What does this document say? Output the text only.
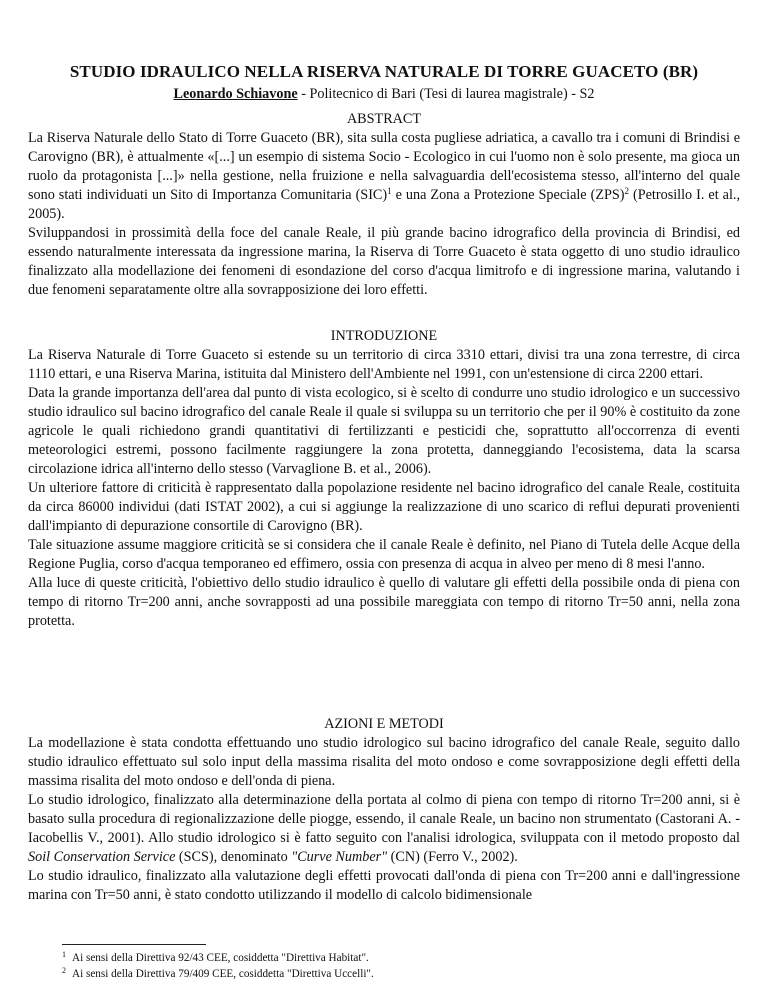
STUDIO IDRAULICO NELLA RISERVA NATURALE DI TORRE GUACETO (BR)
Leonardo Schiavone - Politecnico di Bari (Tesi di laurea magistrale) - S2

ABSTRACT

La Riserva Naturale dello Stato di Torre Guaceto (BR), sita sulla costa pugliese adriatica, a cavallo tra i comuni di Brindisi e Carovigno (BR), è attualmente «[...] un esempio di sistema Socio - Ecologico in cui l'uomo non è solo presente, ma gioca un ruolo da protagonista [...]» nella gestione, nella fruizione e nella salvaguardia dell'ecosistema stesso, all'interno del quale sono stati individuati un Sito di Importanza Comunitaria (SIC)$^1$ e una Zona a Protezione Speciale (ZPS)$^2$ (Petrosillo I. et al., 2005).

Sviluppandosi in prossimità della foce del canale Reale, il più grande bacino idrografico della provincia di Brindisi, ed essendo naturalmente interessata da ingressione marina, la Riserva di Torre Guaceto è stata oggetto di uno studio idraulico finalizzato alla modellazione dei fenomeni di esondazione del corso d'acqua limitrofo e di ingressione marina, valutando i due fenomeni separatamente oltre alla sovrapposizione dei loro effetti.

INTRODUZIONE

La Riserva Naturale di Torre Guaceto si estende su un territorio di circa 3310 ettari, divisi tra una zona terrestre, di circa 1110 ettari, e una Riserva Marina, istituita dal Ministero dell'Ambiente nel 1991, con un'estensione di circa 2200 ettari.

Data la grande importanza dell'area dal punto di vista ecologico, si è scelto di condurre uno studio idrologico e un successivo studio idraulico sul bacino idrografico del canale Reale il quale si sviluppa su un territorio che per il 90% è costituito da zone agricole le quali richiedono grandi quantitativi di fertilizzanti e pesticidi che, soprattutto all'occorrenza di eventi meteorologici estremi, possono facilmente raggiungere la zona protetta, danneggiando l'ecosistema, data la scarsa circolazione idrica all'interno dello stesso (Varvaglione B. et al., 2006).

Un ulteriore fattore di criticità è rappresentato dalla popolazione residente nel bacino idrografico del canale Reale, costituita da circa 86000 individui (dati ISTAT 2002), a cui si aggiunge la realizzazione di uno scarico di reflui depurati provenienti dall'impianto di depurazione consortile di Carovigno (BR).

Tale situazione assume maggiore criticità se si considera che il canale Reale è definito, nel Piano di Tutela delle Acque della Regione Puglia, corso d'acqua temporaneo ed effimero, ossia con presenza di acqua in alveo per meno di 8 mesi l'anno.

Alla luce di queste criticità, l'obiettivo dello studio idraulico è quello di valutare gli effetti della possibile onda di piena con tempo di ritorno Tr=200 anni, anche sovrapposti ad una possibile mareggiata con tempo di ritorno Tr=50 anni, nella zona protetta.

AZIONI E METODI

La modellazione è stata condotta effettuando uno studio idrologico sul bacino idrografico del canale Reale, seguito dallo studio idraulico effettuato sul solo input della massima risalita del moto ondoso e come sovrapposizione degli effetti della massima risalita del moto ondoso e dell'onda di piena.

Lo studio idrologico, finalizzato alla determinazione della portata al colmo di piena con tempo di ritorno Tr=200 anni, si è basato sulla procedura di regionalizzazione delle piogge, essendo, il canale Reale, un bacino non strumentato (Castorani A. - Iacobellis V., 2001). Allo studio idrologico si è fatto seguito con l'analisi idrologica, sviluppata con il metodo proposto dal Soil Conservation Service (SCS), denominato "Curve Number" (CN) (Ferro V., 2002).

Lo studio idraulico, finalizzato alla valutazione degli effetti provocati dall'onda di piena con Tr=200 anni e dall'ingressione marina con Tr=50 anni, è stato condotto utilizzando il modello di calcolo bidimensionale

$^1$ Ai sensi della Direttiva 92/43 CEE, cosiddetta "Direttiva Habitat".
$^2$ Ai sensi della Direttiva 79/409 CEE, cosiddetta "Direttiva Uccelli".
